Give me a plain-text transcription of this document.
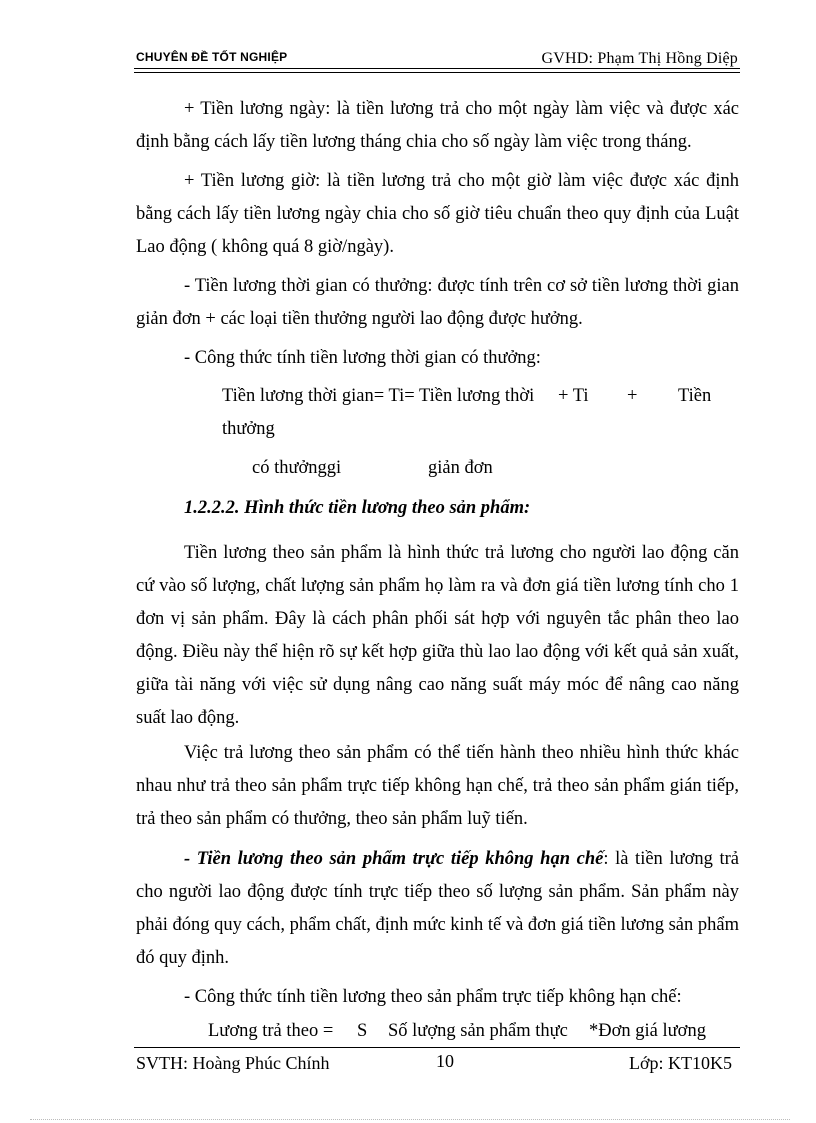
CHUYÊN ĐỀ TỐT NGHIỆP	GVHD: Phạm Thị Hồng Diệp

+ Tiền lương ngày: là tiền lương trả cho một ngày làm việc và được xác định bằng cách lấy tiền lương tháng chia cho số ngày làm việc trong tháng.

+ Tiền lương giờ: là tiền lương trả cho một giờ làm việc được xác định bằng cách lấy tiền lương ngày chia cho số giờ tiêu chuẩn theo quy định của Luật Lao động ( không quá 8 giờ/ngày).

- Tiền lương thời gian có thưởng: được tính trên cơ sở tiền lương thời gian giản đơn + các loại tiền thưởng người lao động được hưởng.

- Công thức tính tiền lương thời gian có thưởng:

Tiền lương thời gian= Ti= Tiền lương thời + Ti + Tiền
thưởng
có thưởnggi	giản đơn
1.2.2.2. Hình thức tiền lương theo sản phẩm:

Tiền lương theo sản phẩm là hình thức trả lương cho người lao động căn cứ vào số lượng, chất lượng sản phẩm họ làm ra và đơn giá tiền lương tính cho 1 đơn vị sản phẩm. Đây là cách phân phối sát hợp với nguyên tắc phân theo lao động. Điều này thể hiện rõ sự kết hợp giữa thù lao lao động với kết quả sản xuất, giữa tài năng với việc sử dụng nâng cao năng suất máy móc để nâng cao năng suất lao động.

Việc trả lương theo sản phẩm có thể tiến hành theo nhiều hình thức khác nhau như trả theo sản phẩm trực tiếp không hạn chế, trả theo sản phẩm gián tiếp, trả theo sản phẩm có thưởng, theo sản phẩm luỹ tiến.

- Tiền lương theo sản phẩm trực tiếp không hạn chế: là tiền lương trả cho người lao động được tính trực tiếp theo số lượng sản phẩm. Sản phẩm này phải đóng quy cách, phẩm chất, định mức kinh tế và đơn giá tiền lương sản phẩm đó quy định.

- Công thức tính tiền lương theo sản phẩm trực tiếp không hạn chế:

Lương trả theo = S Số lượng sản phẩm thực *Đơn giá lương
SVTH: Hoàng Phúc Chính	10	Lớp: KT10K5
